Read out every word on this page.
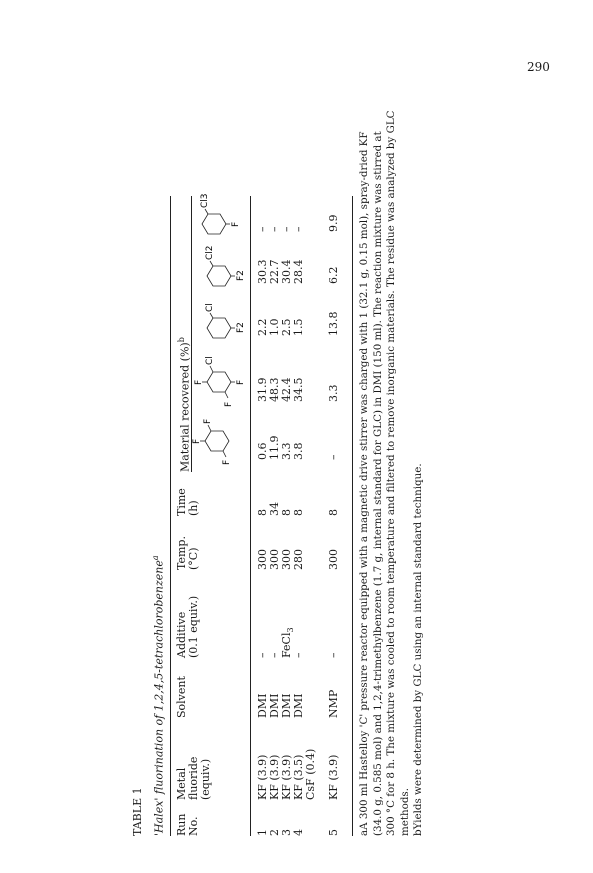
290
TABLE 1 'Halex' fluorination of 1,2,4,5-tetrachlorobenzene$^a$
Run No.
Metal fluoride (equiv.)
Solvent
Additive (0.1 equiv.)
Temp. (°C)
Time (h)
Material recovered (%)$^b$
F
F
F
F
F
Cl
F
Cl
F2
Cl2
F2
Cl3
F
1
KF (3.9)
DMI
–
300
8
0.6
31.9
2.2
30.3
–
2
KF (3.9)
DMI
–
300
34
11.9
48.3
1.0
22.7
–
3
KF (3.9)
DMI
FeCl$_3$
300
8
3.3
42.4
2.5
30.4
–
4
KF (3.5) CsF (0.4)
DMI
–
280
8
3.8
34.5
1.5
28.4
–
5
KF (3.9)
NMP
–
300
8
–
3.3
13.8
6.2
9.9 aA 300 ml Hastelloy 'C' pressure reactor equipped with a magnetic drive stirrer was charged with 1 (32.1 g, 0.15 mol), spray-dried KF (34.0 g, 0.585 mol) and 1,2,4-trimethylbenzene (1.7 g, internal standard for GLC) in DMI (150 ml). The reaction mixture was stirred at 300 °C for 8 h. The mixture was cooled to room temperature and filtered to remove inorganic materials. The residue was analyzed by GLC methods. bYields were determined by GLC using an internal standard technique.
